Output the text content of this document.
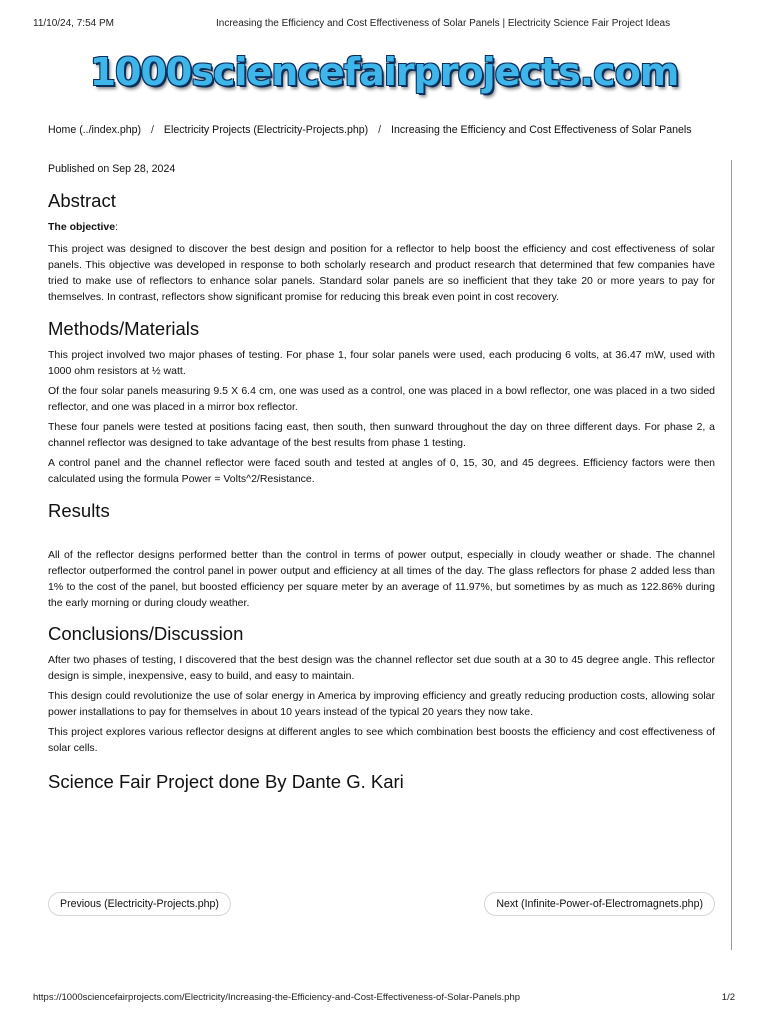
11/10/24, 7:54 PM	Increasing the Efficiency and Cost Effectiveness of Solar Panels | Electricity Science Fair Project Ideas
1000sciencefairprojects.com
Home (../index.php) / Electricity Projects (Electricity-Projects.php) / Increasing the Efficiency and Cost Effectiveness of Solar Panels
Published on Sep 28, 2024
Abstract

The objective:

This project was designed to discover the best design and position for a reflector to help boost the efficiency and cost effectiveness of solar panels. This objective was developed in response to both scholarly research and product research that determined that few companies have tried to make use of reflectors to enhance solar panels. Standard solar panels are so inefficient that they take 20 or more years to pay for themselves. In contrast, reflectors show significant promise for reducing this break even point in cost recovery.

Methods/Materials

This project involved two major phases of testing. For phase 1, four solar panels were used, each producing 6 volts, at 36.47 mW, used with 1000 ohm resistors at ½ watt.

Of the four solar panels measuring 9.5 X 6.4 cm, one was used as a control, one was placed in a bowl reflector, one was placed in a two sided reflector, and one was placed in a mirror box reflector.

These four panels were tested at positions facing east, then south, then sunward throughout the day on three different days. For phase 2, a channel reflector was designed to take advantage of the best results from phase 1 testing.

A control panel and the channel reflector were faced south and tested at angles of 0, 15, 30, and 45 degrees. Efficiency factors were then calculated using the formula Power = Volts^2/Resistance.

Results

All of the reflector designs performed better than the control in terms of power output, especially in cloudy weather or shade. The channel reflector outperformed the control panel in power output and efficiency at all times of the day. The glass reflectors for phase 2 added less than 1% to the cost of the panel, but boosted efficiency per square meter by an average of 11.97%, but sometimes by as much as 122.86% during the early morning or during cloudy weather.

Conclusions/Discussion

After two phases of testing, I discovered that the best design was the channel reflector set due south at a 30 to 45 degree angle. This reflector design is simple, inexpensive, easy to build, and easy to maintain.

This design could revolutionize the use of solar energy in America by improving efficiency and greatly reducing production costs, allowing solar power installations to pay for themselves in about 10 years instead of the typical 20 years they now take.

This project explores various reflector designs at different angles to see which combination best boosts the efficiency and cost effectiveness of solar cells.

Science Fair Project done By Dante G. Kari
Previous (Electricity-Projects.php)	Next (Infinite-Power-of-Electromagnets.php)
https://1000sciencefairprojects.com/Electricity/Increasing-the-Efficiency-and-Cost-Effectiveness-of-Solar-Panels.php	1/2
